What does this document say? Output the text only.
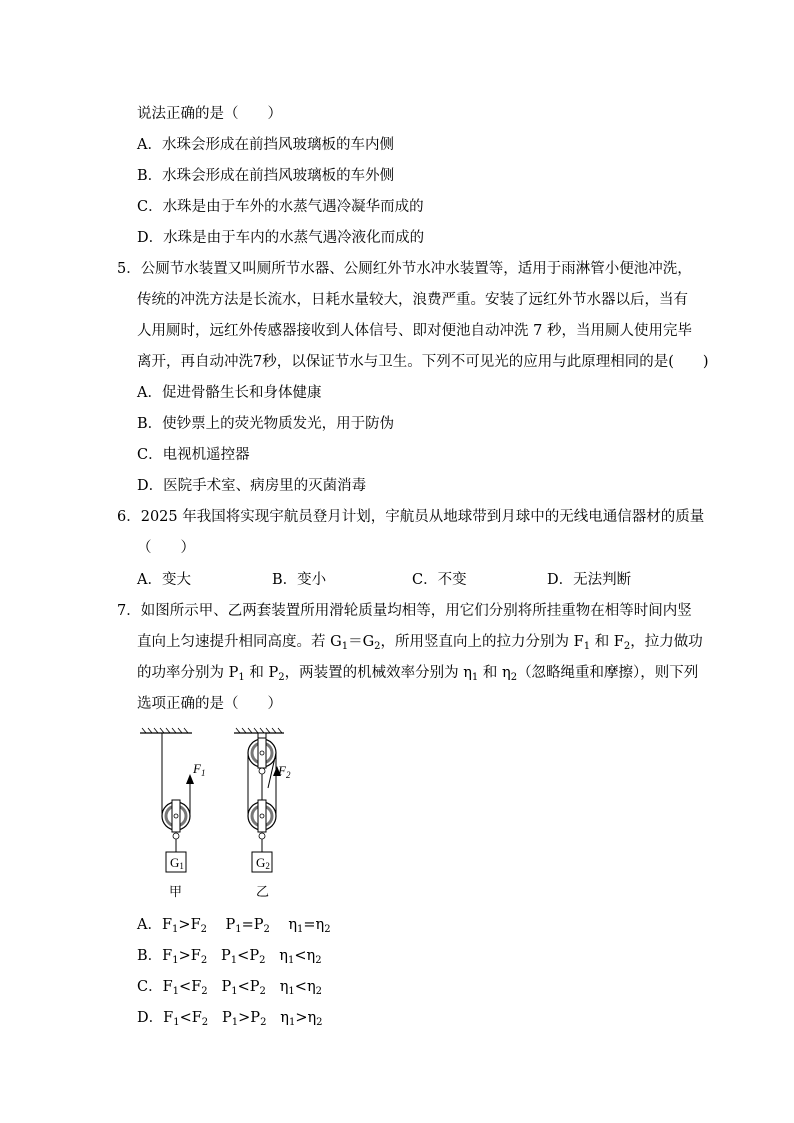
说法正确的是（　　）
A．水珠会形成在前挡风玻璃板的车内侧
B．水珠会形成在前挡风玻璃板的车外侧
C．水珠是由于车外的水蒸气遇冷凝华而成的
D．水珠是由于车内的水蒸气遇冷液化而成的
5．公厕节水装置又叫厕所节水器、公厕红外节水冲水装置等，适用于雨淋管小便池冲洗，
传统的冲洗方法是长流水，日耗水量较大，浪费严重。安装了远红外节水器以后，当有
人用厕时，远红外传感器接收到人体信号、即对便池自动冲洗 7 秒，当用厕人使用完毕
离开，再自动冲洗7秒，以保证节水与卫生。下列不可见光的应用与此原理相同的是(　　)
A．促进骨骼生长和身体健康
B．使钞票上的荧光物质发光，用于防伪
C．电视机遥控器
D．医院手术室、病房里的灭菌消毒
6．2025 年我国将实现宇航员登月计划，宇航员从地球带到月球中的无线电通信器材的质量
（　　）
A．变大	B．变小	C．不变	D．无法判断
7．如图所示甲、乙两套装置所用滑轮质量均相等，用它们分别将所挂重物在相等时间内竖
直向上匀速提升相同高度。若 $G_1=G_2$，所用竖直向上的拉力分别为 $F_1$ 和 $F_2$，拉力做功
的功率分别为 $P_1$ 和 $P_2$，两装置的机械效率分别为 $\eta_1$ 和 $\eta_2$（忽略绳重和摩擦），则下列
选项正确的是（　　）
$F_1$
G1
甲
$F_2$
G2
乙
A．$F_1>F_2$ $P_1=P_2$ $\eta_1=\eta_2$
B．$F_1>F_2$ $P_1<P_2$ $\eta_1<\eta_2$
C．$F_1<F_2$ $P_1<P_2$ $\eta_1<\eta_2$
D．$F_1<F_2$ $P_1>P_2$ $\eta_1>\eta_2$
